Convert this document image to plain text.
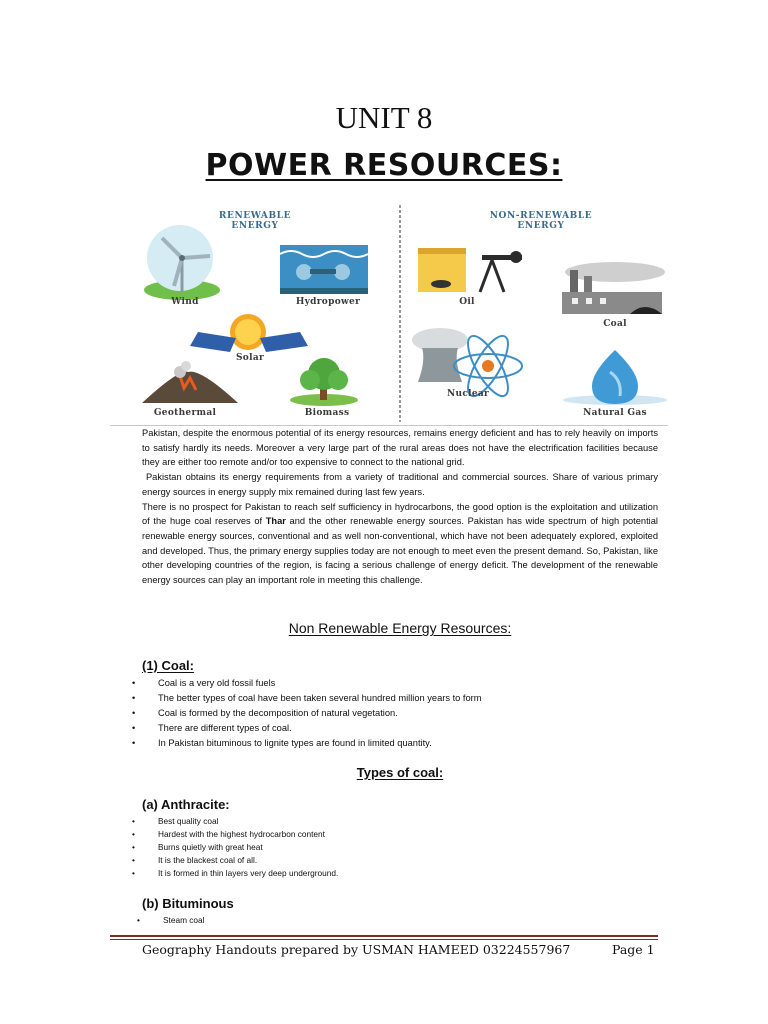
UNIT 8
POWER RESOURCES:
RENEWABLE
ENERGY
NON-RENEWABLE
ENERGY
Wind	Hydropower
Solar
Geothermal	Biomass
Oil
Coal
Nuclear
Natural Gas

Pakistan, despite the enormous potential of its energy resources, remains energy deficient and has to rely heavily on imports to satisfy hardly its needs. Moreover a very large part of the rural areas does not have the electrification facilities because they are either too remote and/or too expensive to connect to the national grid.

Pakistan obtains its energy requirements from a variety of traditional and commercial sources. Share of various primary energy sources in energy supply mix remained during last few years.

There is no prospect for Pakistan to reach self sufficiency in hydrocarbons, the good option is the exploitation and utilization of the huge coal reserves of Thar and the other renewable energy sources. Pakistan has wide spectrum of high potential renewable energy sources, conventional and as well non-conventional, which have not been adequately explored, exploited and developed. Thus, the primary energy supplies today are not enough to meet even the present demand. So, Pakistan, like other developing countries of the region, is facing a serious challenge of energy deficit. The development of the renewable energy sources can play an important role in meeting this challenge.

Non Renewable Energy Resources:
(1) Coal:
• Coal is a very old fossil fuels
• The better types of coal have been taken several hundred million years to form
• Coal is formed by the decomposition of natural vegetation.
• There are different types of coal.
• In Pakistan bituminous to lignite types are found in limited quantity.
Types of coal:
(a) Anthracite:
• Best quality coal
• Hardest with the highest hydrocarbon content
• Burns quietly with great heat
• It is the blackest coal of all.
• It is formed in thin layers very deep underground.
(b) Bituminous
• Steam coal
Geography Handouts prepared by USMAN HAMEED 03224557967	Page 1
